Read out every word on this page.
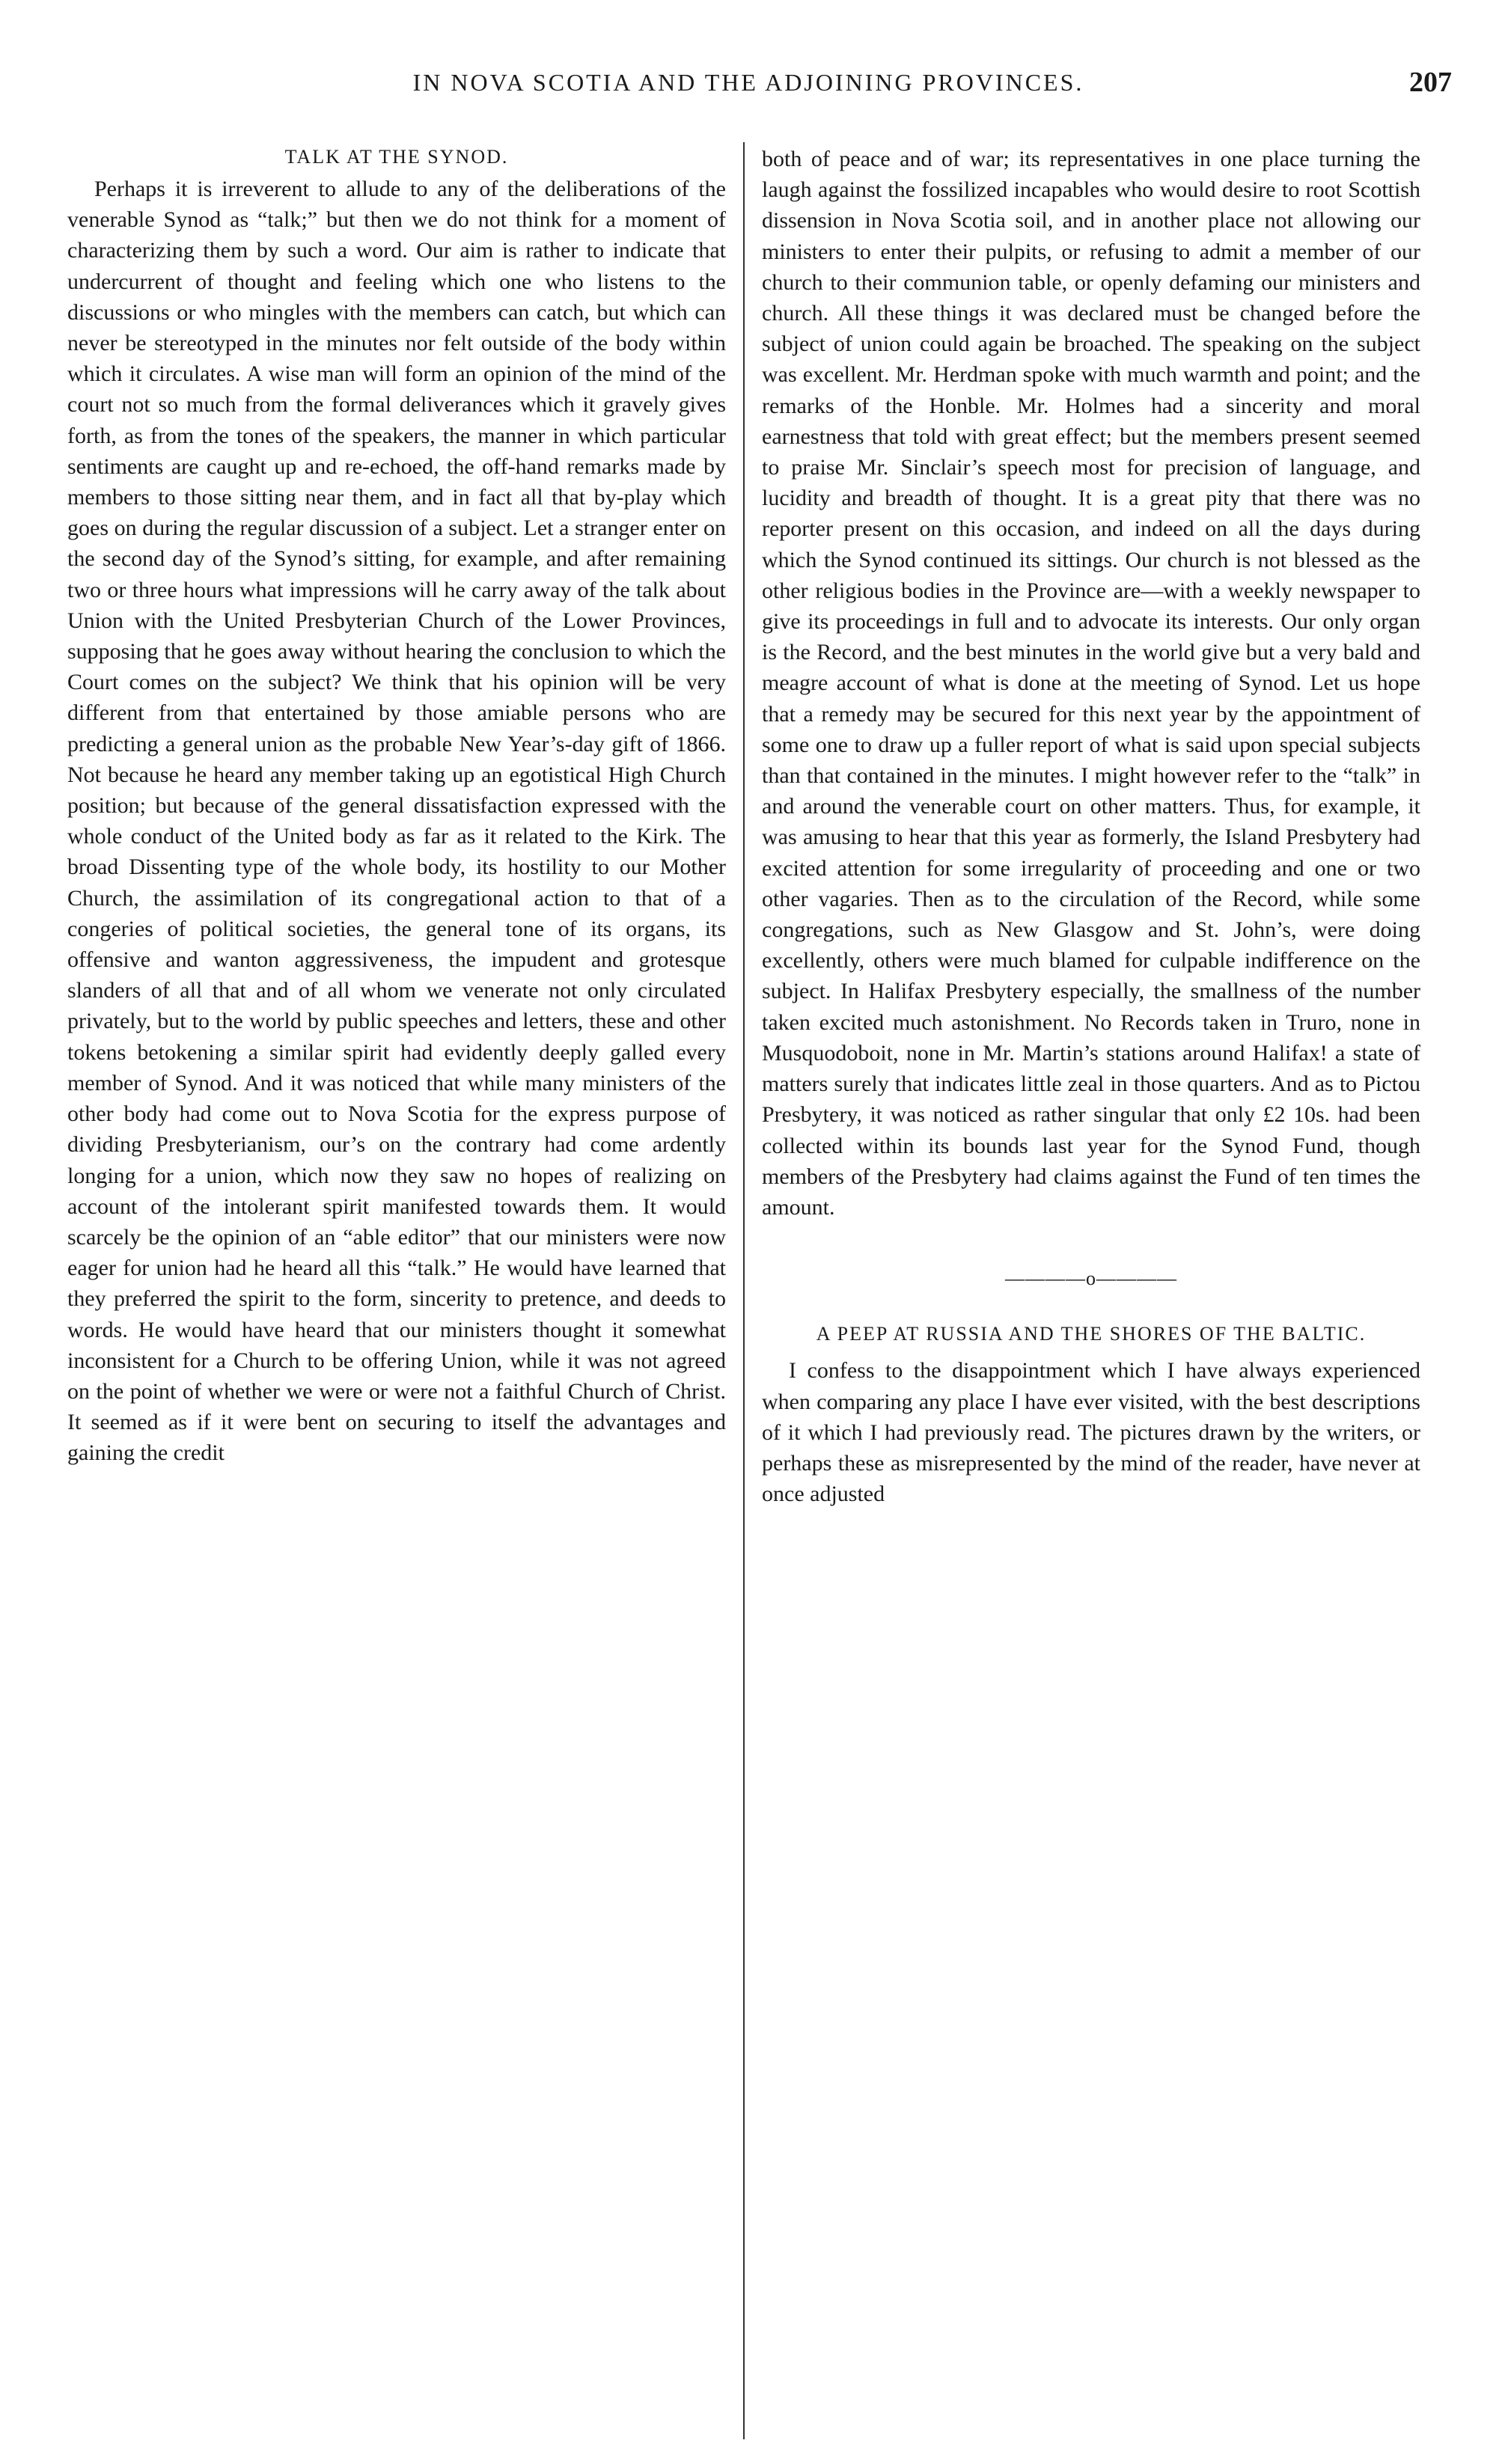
IN NOVA SCOTIA AND THE ADJOINING PROVINCES.	207
TALK AT THE SYNOD.

Perhaps it is irreverent to allude to any of the deliberations of the venerable Synod as “talk;” but then we do not think for a moment of characterizing them by such a word. Our aim is rather to indicate that undercurrent of thought and feeling which one who listens to the discussions or who mingles with the members can catch, but which can never be stereotyped in the minutes nor felt outside of the body within which it circulates. A wise man will form an opinion of the mind of the court not so much from the formal deliverances which it gravely gives forth, as from the tones of the speakers, the manner in which particular sentiments are caught up and re-echoed, the off-hand remarks made by members to those sitting near them, and in fact all that by-play which goes on during the regular discussion of a subject. Let a stranger enter on the second day of the Synod’s sitting, for example, and after remaining two or three hours what impressions will he carry away of the talk about Union with the United Presbyterian Church of the Lower Provinces, supposing that he goes away without hearing the conclusion to which the Court comes on the subject? We think that his opinion will be very different from that entertained by those amiable persons who are predicting a general union as the probable New Year’s-day gift of 1866. Not because he heard any member taking up an egotistical High Church position; but because of the general dissatisfaction expressed with the whole conduct of the United body as far as it related to the Kirk. The broad Dissenting type of the whole body, its hostility to our Mother Church, the assimilation of its congregational action to that of a congeries of political societies, the general tone of its organs, its offensive and wanton aggressiveness, the impudent and grotesque slanders of all that and of all whom we venerate not only circulated privately, but to the world by public speeches and letters, these and other tokens betokening a similar spirit had evidently deeply galled every member of Synod. And it was noticed that while many ministers of the other body had come out to Nova Scotia for the express purpose of dividing Presbyterianism, our’s on the contrary had come ardently longing for a union, which now they saw no hopes of realizing on account of the intolerant spirit manifested towards them. It would scarcely be the opinion of an “able editor” that our ministers were now eager for union had he heard all this “talk.” He would have learned that they preferred the spirit to the form, sincerity to pretence, and deeds to words. He would have heard that our ministers thought it somewhat inconsistent for a Church to be offering Union, while it was not agreed on the point of whether we were or were not a faithful Church of Christ. It seemed as if it were bent on securing to itself the advantages and gaining the credit

both of peace and of war; its representatives in one place turning the laugh against the fossilized incapables who would desire to root Scottish dissension in Nova Scotia soil, and in another place not allowing our ministers to enter their pulpits, or refusing to admit a member of our church to their communion table, or openly defaming our ministers and church. All these things it was declared must be changed before the subject of union could again be broached. The speaking on the subject was excellent. Mr. Herdman spoke with much warmth and point; and the remarks of the Honble. Mr. Holmes had a sincerity and moral earnestness that told with great effect; but the members present seemed to praise Mr. Sinclair’s speech most for precision of language, and lucidity and breadth of thought. It is a great pity that there was no reporter present on this occasion, and indeed on all the days during which the Synod continued its sittings. Our church is not blessed as the other religious bodies in the Province are—with a weekly newspaper to give its proceedings in full and to advocate its interests. Our only organ is the Record, and the best minutes in the world give but a very bald and meagre account of what is done at the meeting of Synod. Let us hope that a remedy may be secured for this next year by the appointment of some one to draw up a fuller report of what is said upon special subjects than that contained in the minutes. I might however refer to the “talk” in and around the venerable court on other matters. Thus, for example, it was amusing to hear that this year as formerly, the Island Presbytery had excited attention for some irregularity of proceeding and one or two other vagaries. Then as to the circulation of the Record, while some congregations, such as New Glasgow and St. John’s, were doing excellently, others were much blamed for culpable indifference on the subject. In Halifax Presbytery especially, the smallness of the number taken excited much astonishment. No Records taken in Truro, none in Musquodoboit, none in Mr. Martin’s stations around Halifax! a state of matters surely that indicates little zeal in those quarters. And as to Pictou Presbytery, it was noticed as rather singular that only £2 10s. had been collected within its bounds last year for the Synod Fund, though members of the Presbytery had claims against the Fund of ten times the amount.

————o————
A PEEP AT RUSSIA AND THE SHORES OF THE BALTIC.

I confess to the disappointment which I have always experienced when comparing any place I have ever visited, with the best descriptions of it which I had previously read. The pictures drawn by the writers, or perhaps these as misrepresented by the mind of the reader, have never at once adjusted
